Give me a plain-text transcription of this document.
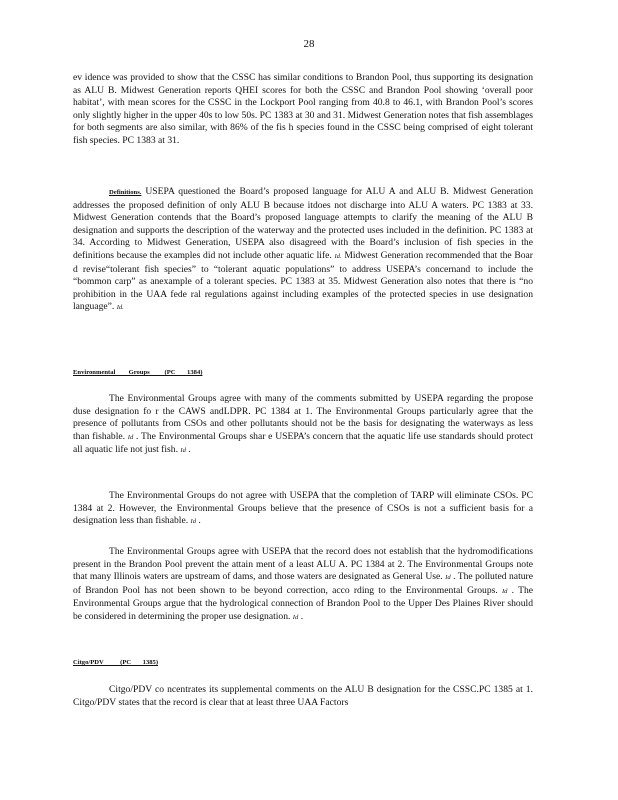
28

ev idence was provided to show that the CSSC has similar conditions to Brandon Pool, thus supporting its designation as ALU B. Midwest Generation reports QHEI scores for both the CSSC and Brandon Pool showing ‘overall poor habitat’, with mean scores for the CSSC in the Lockport Pool ranging from 40.8 to 46.1, with Brandon Pool’s scores only slightly higher in the upper 40s to low 50s. PC 1383 at 30 and 31. Midwest Generation notes that fish assemblages for both segments are also similar, with 86% of the fis h species found in the CSSC being comprised of eight tolerant fish species. PC 1383 at 31.

Definitions. USEPA questioned the Board’s proposed language for ALU A and ALU B. Midwest Generation addresses the proposed definition of only ALU B because itdoes not discharge into ALU A waters. PC 1383 at 33. Midwest Generation contends that the Board’s proposed language attempts to clarify the meaning of the ALU B designation and supports the description of the waterway and the protected uses included in the definition. PC 1383 at 34. According to Midwest Generation, USEPA also disagreed with the Board’s inclusion of fish species in the definitions because the examples did not include other aquatic life. Id. Midwest Generation recommended that the Boar d revise“tolerant fish species” to “tolerant aquatic populations” to address USEPA’s concernand to include the “bommon carp” as anexample of a tolerant species. PC 1383 at 35. Midwest Generation also notes that there is “no prohibition in the UAA fede ral regulations against including examples of the protected species in use designation language”. Id.

Environmental        Groups         (PC       1384)

The Environmental Groups agree with many of the comments submitted by USEPA regarding the propose duse designation fo r the CAWS andLDPR. PC 1384 at 1. The Environmental Groups particularly agree that the presence of pollutants from CSOs and other pollutants should not be the basis for designating the waterways as less than fishable. Id . The Environmental Groups shar e USEPA’s concern that the aquatic life use standards should protect all aquatic life not just fish. Id .

The Environmental Groups do not agree with USEPA that the completion of TARP will eliminate CSOs. PC 1384 at 2. However, the Environmental Groups believe that the presence of CSOs is not a sufficient basis for a designation less than fishable. Id .

The Environmental Groups agree with USEPA that the record does not establish that the hydromodifications present in the Brandon Pool prevent the attain ment of a least ALU A. PC 1384 at 2. The Environmental Groups note that many Illinois waters are upstream of dams, and those waters are designated as General Use. Id . The polluted nature of Brandon Pool has not been shown to be beyond correction, acco rding to the Environmental Groups. Id . The Environmental Groups argue that the hydrological connection of Brandon Pool to the Upper Des Plaines River should be considered in determining the proper use designation. Id .

Citgo/PDV          (PC       1385)

Citgo/PDV co ncentrates its supplemental comments on the ALU B designation for the CSSC.PC 1385 at 1. Citgo/PDV states that the record is clear that at least three UAA Factors
